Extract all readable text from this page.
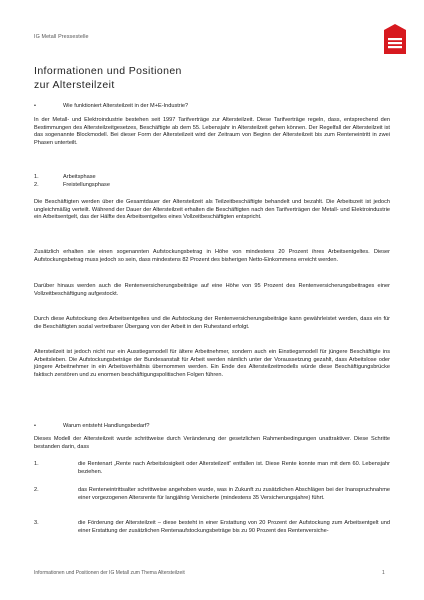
IG Metall Pressestelle
Informationen und Positionen
zur Altersteilzeit
•	Wie funktioniert Altersteilzeit in der M+E-Industrie?

In der Metall- und Elektroindustrie bestehen seit 1997 Tarifverträge zur Altersteilzeit. Diese Tarifverträge regeln, dass, entsprechend den Bestimmungen des Altersteilzeitgesetzes, Beschäftigte ab dem 55. Lebensjahr in Altersteilzeit gehen können. Der Regelfall der Altersteilzeit ist das sogenannte Blockmodell. Bei dieser Form der Altersteilzeit wird der Zeitraum von Beginn der Altersteilzeit bis zum Renteneintritt in zwei Phasen unterteilt.

1.	Arbeitsphase
2.	Freistellungsphase

Die Beschäftigten werden über die Gesamtdauer der Altersteilzeit als Teilzeitbeschäftigte behandelt und bezahlt. Die Arbeitszeit ist jedoch ungleichmäßig verteilt. Während der Dauer der Altersteilzeit erhalten die Beschäftigten nach den Tarifverträgen der Metall- und Elektroindustrie ein Arbeitsentgelt, das der Hälfte des Arbeitsentgeltes eines Vollzeitbeschäftigten entspricht.

Zusätzlich erhalten sie einen sogenannten Aufstockungsbetrag in Höhe von mindestens 20 Prozent ihres Arbeitsentgeltes. Dieser Aufstockungsbetrag muss jedoch so sein, dass mindestens 82 Prozent des bisherigen Netto-Einkommens erreicht werden.

Darüber hinaus werden auch die Rentenversicherungsbeiträge auf eine Höhe von 95 Prozent des Rentenversicherungsbeitrages einer Vollzeitbeschäftigung aufgestockt.

Durch diese Aufstockung des Arbeitsentgeltes und die Aufstockung der Rentenversicherungsbeiträge kann gewährleistet werden, dass ein für die Beschäftigten sozial vertretbarer Übergang von der Arbeit in den Ruhestand erfolgt.

Altersteilzeit ist jedoch nicht nur ein Ausstiegsmodell für ältere Arbeitnehmer, sondern auch ein Einstiegsmodell für jüngere Beschäftigte ins Arbeitsleben. Die Aufstockungsbeträge der Bundesanstalt für Arbeit werden nämlich unter der Voraussetzung gezahlt, dass Arbeitslose oder jüngere Arbeitnehmer in ein Arbeitsverhältnis übernommen werden. Ein Ende des Altersteilzeitmodells würde diese Beschäftigungsbrücke faktisch zerstören und zu enormen beschäftigungspolitischen Folgen führen.

•	Warum entsteht Handlungsbedarf?

Dieses Modell der Altersteilzeit wurde schrittweise durch Veränderung der gesetzlichen Rahmenbedingungen unattraktiver. Diese Schritte bestanden darin, dass

1.	die Rentenart „Rente nach Arbeitslosigkeit oder Altersteilzeit“ entfallen ist. Diese Rente konnte man mit dem 60. Lebensjahr beziehen.
2.	das Renteneintrittsalter schrittweise angehoben wurde, was in Zukunft zu zusätzlichen Abschlägen bei der Inanspruchnahme einer vorgezogenen Altersrente für langjährig Versicherte (mindestens 35 Versicherungsjahre) führt.
3.	die Förderung der Altersteilzeit – diese besteht in einer Erstattung von 20 Prozent der Aufstockung zum Arbeitsentgelt und einer Erstattung der zusätzlichen Rentenaufstockungsbeträge bis zu 90 Prozent des Rentenversiche-
Informationen und Positionen der IG Metall zum Thema Altersteilzeit	1
